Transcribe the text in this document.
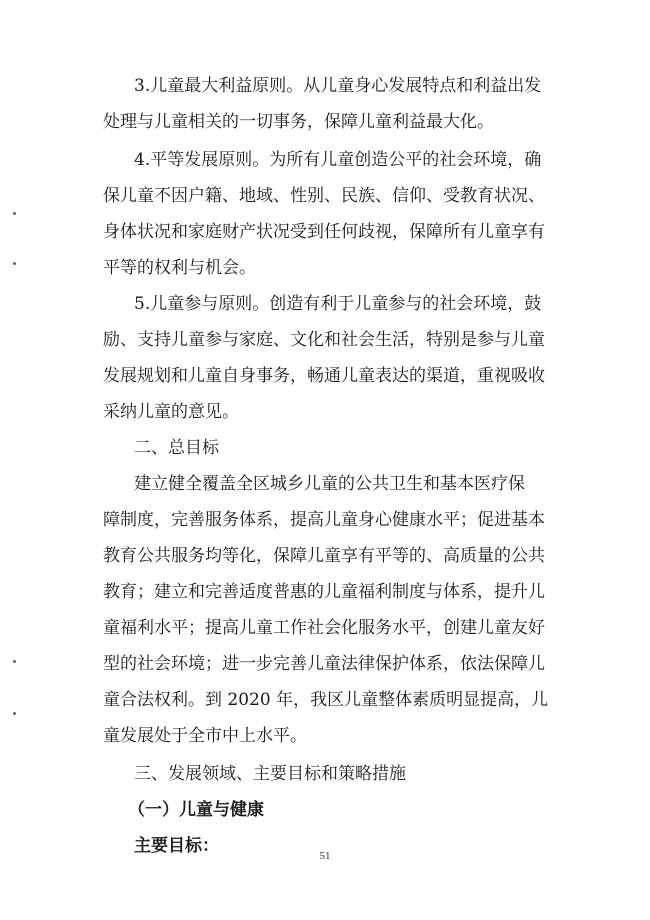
3.儿童最大利益原则。从儿童身心发展特点和利益出发
处理与儿童相关的一切事务，保障儿童利益最大化。
4.平等发展原则。为所有儿童创造公平的社会环境，确
保儿童不因户籍、地域、性别、民族、信仰、受教育状况、
身体状况和家庭财产状况受到任何歧视，保障所有儿童享有
平等的权利与机会。
5.儿童参与原则。创造有利于儿童参与的社会环境，鼓
励、支持儿童参与家庭、文化和社会生活，特别是参与儿童
发展规划和儿童自身事务，畅通儿童表达的渠道，重视吸收
采纳儿童的意见。
二、总目标
建立健全覆盖全区城乡儿童的公共卫生和基本医疗保
障制度，完善服务体系，提高儿童身心健康水平；促进基本
教育公共服务均等化，保障儿童享有平等的、高质量的公共
教育；建立和完善适度普惠的儿童福利制度与体系，提升儿
童福利水平；提高儿童工作社会化服务水平，创建儿童友好
型的社会环境；进一步完善儿童法律保护体系，依法保障儿
童合法权利。到 2020 年，我区儿童整体素质明显提高，儿
童发展处于全市中上水平。
三、发展领域、主要目标和策略措施
（一）儿童与健康
主要目标：	51
